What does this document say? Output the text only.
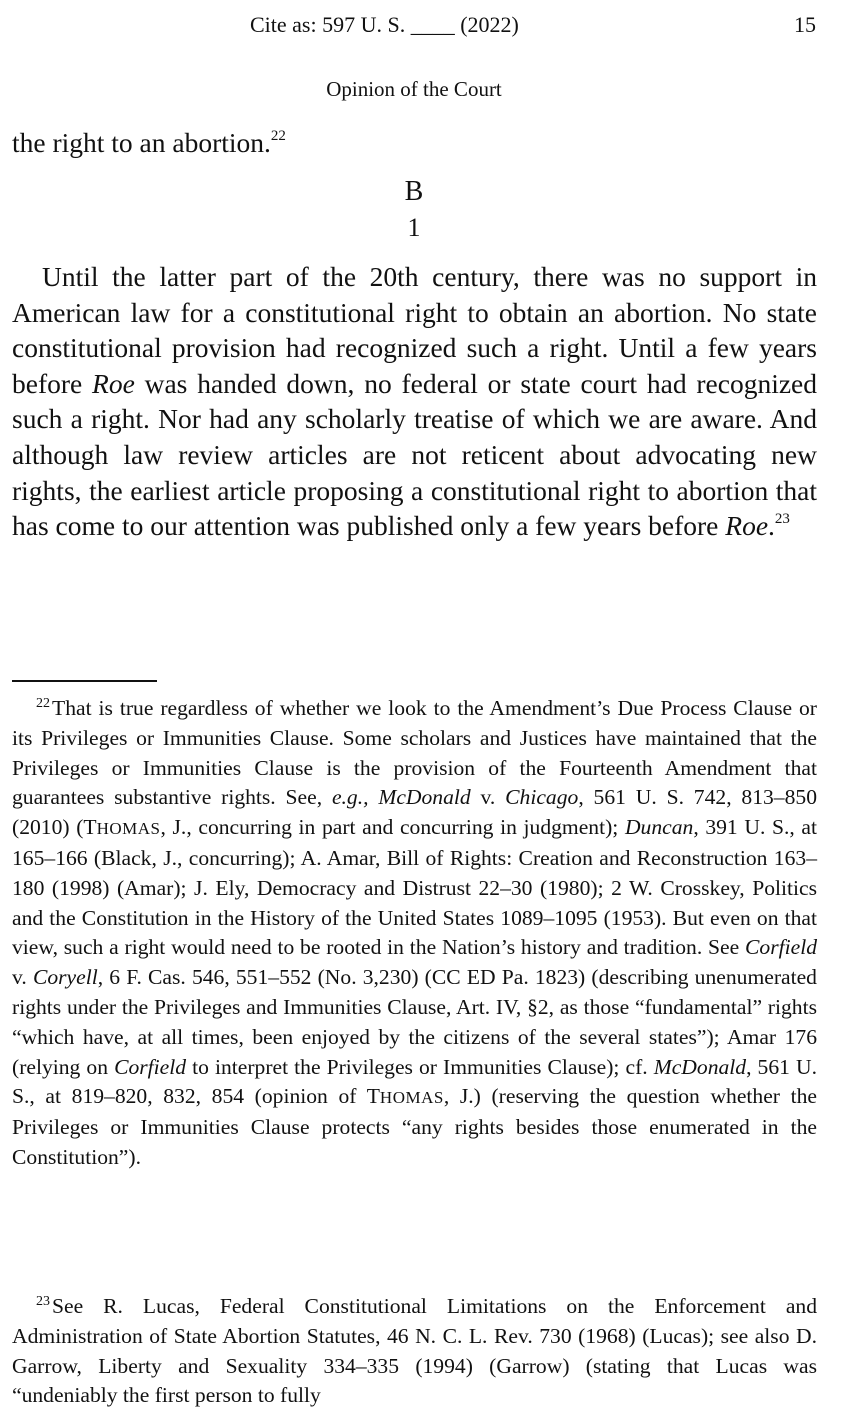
Cite as: 597 U. S. ____ (2022)	15
Opinion of the Court
the right to an abortion.$^{22}$
B
1
Until the latter part of the 20th century, there was no support in American law for a constitutional right to obtain an abortion. No state constitutional provision had recognized such a right. Until a few years before Roe was handed down, no federal or state court had recognized such a right. Nor had any scholarly treatise of which we are aware. And although law review articles are not reticent about advocating new rights, the earliest article proposing a constitutional right to abortion that has come to our attention was published only a few years before Roe.$^{23}$
$^{22}$That is true regardless of whether we look to the Amendment’s Due Process Clause or its Privileges or Immunities Clause. Some scholars and Justices have maintained that the Privileges or Immunities Clause is the provision of the Fourteenth Amendment that guarantees substantive rights. See, e.g., McDonald v. Chicago, 561 U. S. 742, 813–850 (2010) (THOMAS, J., concurring in part and concurring in judgment); Duncan, 391 U. S., at 165–166 (Black, J., concurring); A. Amar, Bill of Rights: Creation and Reconstruction 163–180 (1998) (Amar); J. Ely, Democracy and Distrust 22–30 (1980); 2 W. Crosskey, Politics and the Constitution in the History of the United States 1089–1095 (1953). But even on that view, such a right would need to be rooted in the Nation’s history and tradition. See Corfield v. Coryell, 6 F. Cas. 546, 551–552 (No. 3,230) (CC ED Pa. 1823) (describing unenumerated rights under the Privileges and Immunities Clause, Art. IV, §2, as those “fundamental” rights “which have, at all times, been enjoyed by the citizens of the several states”); Amar 176 (relying on Corfield to interpret the Privileges or Immunities Clause); cf. McDonald, 561 U. S., at 819–820, 832, 854 (opinion of THOMAS, J.) (reserving the question whether the Privileges or Immunities Clause protects “any rights besides those enumerated in the Constitution”).
$^{23}$See R. Lucas, Federal Constitutional Limitations on the Enforcement and Administration of State Abortion Statutes, 46 N. C. L. Rev. 730 (1968) (Lucas); see also D. Garrow, Liberty and Sexuality 334–335 (1994) (Garrow) (stating that Lucas was “undeniably the first person to fully
